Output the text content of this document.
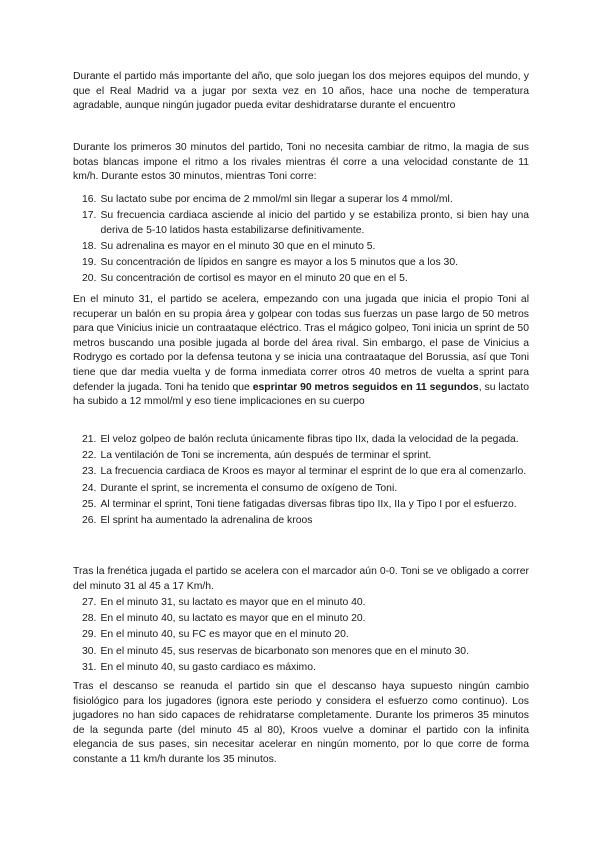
Durante el partido más importante del año, que solo juegan los dos mejores equipos del mundo, y que el Real Madrid va a jugar por sexta vez en 10 años, hace una noche de temperatura agradable, aunque ningún jugador pueda evitar deshidratarse durante el encuentro

Durante los primeros 30 minutos del partido, Toni no necesita cambiar de ritmo, la magia de sus botas blancas impone el ritmo a los rivales mientras él corre a una velocidad constante de 11 km/h. Durante estos 30 minutos, mientras Toni corre:

16. Su lactato sube por encima de 2 mmol/ml sin llegar a superar los 4 mmol/ml.
17. Su frecuencia cardiaca asciende al inicio del partido y se estabiliza pronto, si bien hay una deriva de 5-10 latidos hasta estabilizarse definitivamente.
18. Su adrenalina es mayor en el minuto 30 que en el minuto 5.
19. Su concentración de lípidos en sangre es mayor a los 5 minutos que a los 30.
20. Su concentración de cortisol es mayor en el minuto 20 que en el 5.

En el minuto 31, el partido se acelera, empezando con una jugada que inicia el propio Toni al recuperar un balón en su propia área y golpear con todas sus fuerzas un pase largo de 50 metros para que Vinicius inicie un contraataque eléctrico. Tras el mágico golpeo, Toni inicia un sprint de 50 metros buscando una posible jugada al borde del área rival. Sin embargo, el pase de Vinicius a Rodrygo es cortado por la defensa teutona y se inicia una contraataque del Borussia, así que Toni tiene que dar media vuelta y de forma inmediata correr otros 40 metros de vuelta a sprint para defender la jugada. Toni ha tenido que esprintar 90 metros seguidos en 11 segundos, su lactato ha subido a 12 mmol/ml y eso tiene implicaciones en su cuerpo

21. El veloz golpeo de balón recluta únicamente fibras tipo IIx, dada la velocidad de la pegada.
22. La ventilación de Toni se incrementa, aún después de terminar el sprint.
23. La frecuencia cardiaca de Kroos es mayor al terminar el esprint de lo que era al comenzarlo.
24. Durante el sprint, se incrementa el consumo de oxígeno de Toni.
25. Al terminar el sprint, Toni tiene fatigadas diversas fibras tipo IIx, IIa y Tipo I por el esfuerzo.
26. El sprint ha aumentado la adrenalina de kroos

Tras la frenética jugada el partido se acelera con el marcador aún 0-0. Toni se ve obligado a correr del minuto 31 al 45 a 17 Km/h.

27. En el minuto 31, su lactato es mayor que en el minuto 40.
28. En el minuto 40, su lactato es mayor que en el minuto 20.
29. En el minuto 40, su FC es mayor que en el minuto 20.
30. En el minuto 45, sus reservas de bicarbonato son menores que en el minuto 30.
31. En el minuto 40, su gasto cardiaco es máximo.

Tras el descanso se reanuda el partido sin que el descanso haya supuesto ningún cambio fisiológico para los jugadores (ignora este periodo y considera el esfuerzo como continuo). Los jugadores no han sido capaces de rehidratarse completamente. Durante los primeros 35 minutos de la segunda parte (del minuto 45 al 80), Kroos vuelve a dominar el partido con la infinita elegancia de sus pases, sin necesitar acelerar en ningún momento, por lo que corre de forma constante a 11 km/h durante los 35 minutos.
